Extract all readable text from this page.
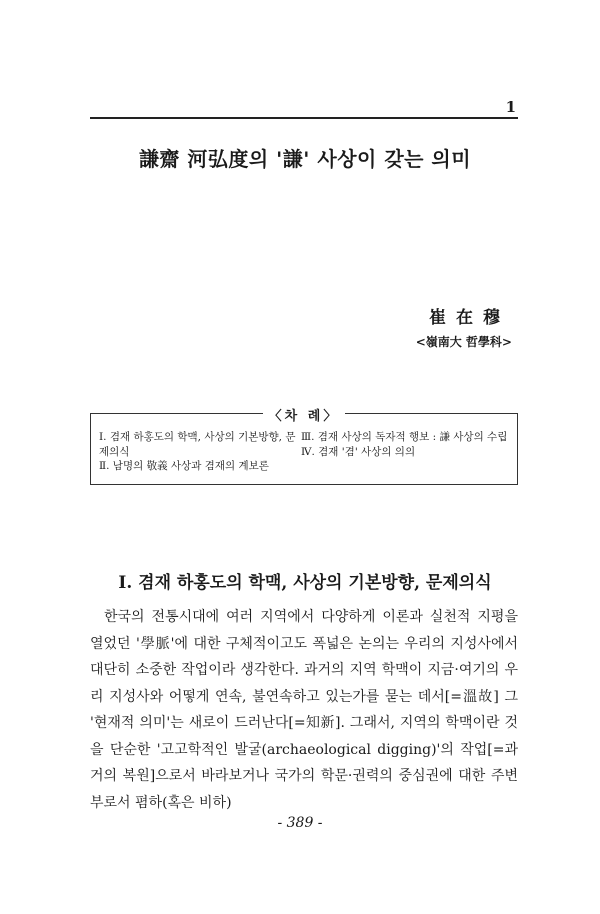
1
謙齋 河弘度의 '謙' 사상이 갖는 의미
崔在穆
<嶺南大 哲學科>
〈차 례〉

Ⅰ. 겸재 하홍도의 학맥, 사상의 기본방향, 문제의식

Ⅱ. 남명의 敬義 사상과 겸재의 계보론

Ⅲ. 겸재 사상의 독자적 행보 : 謙 사상의 수립

Ⅳ. 겸재 '겸' 사상의 의의

Ⅰ. 겸재 하홍도의 학맥, 사상의 기본방향, 문제의식
한국의 전통시대에 여러 지역에서 다양하게 이론과 실천적 지평을 열었던 '學脈'에 대한 구체적이고도 폭넓은 논의는 우리의 지성사에서 대단히 소중한 작업이라 생각한다. 과거의 지역 학맥이 지금·여기의 우리 지성사와 어떻게 연속, 불연속하고 있는가를 묻는 데서[=溫故] 그 '현재적 의미'는 새로이 드러난다[=知新]. 그래서, 지역의 학맥이란 것을 단순한 '고고학적인 발굴(archaeological digging)'의 작업[=과거의 복원]으로서 바라보거나 국가의 학문·권력의 중심권에 대한 주변부로서 폄하(혹은 비하)
- 389 -
